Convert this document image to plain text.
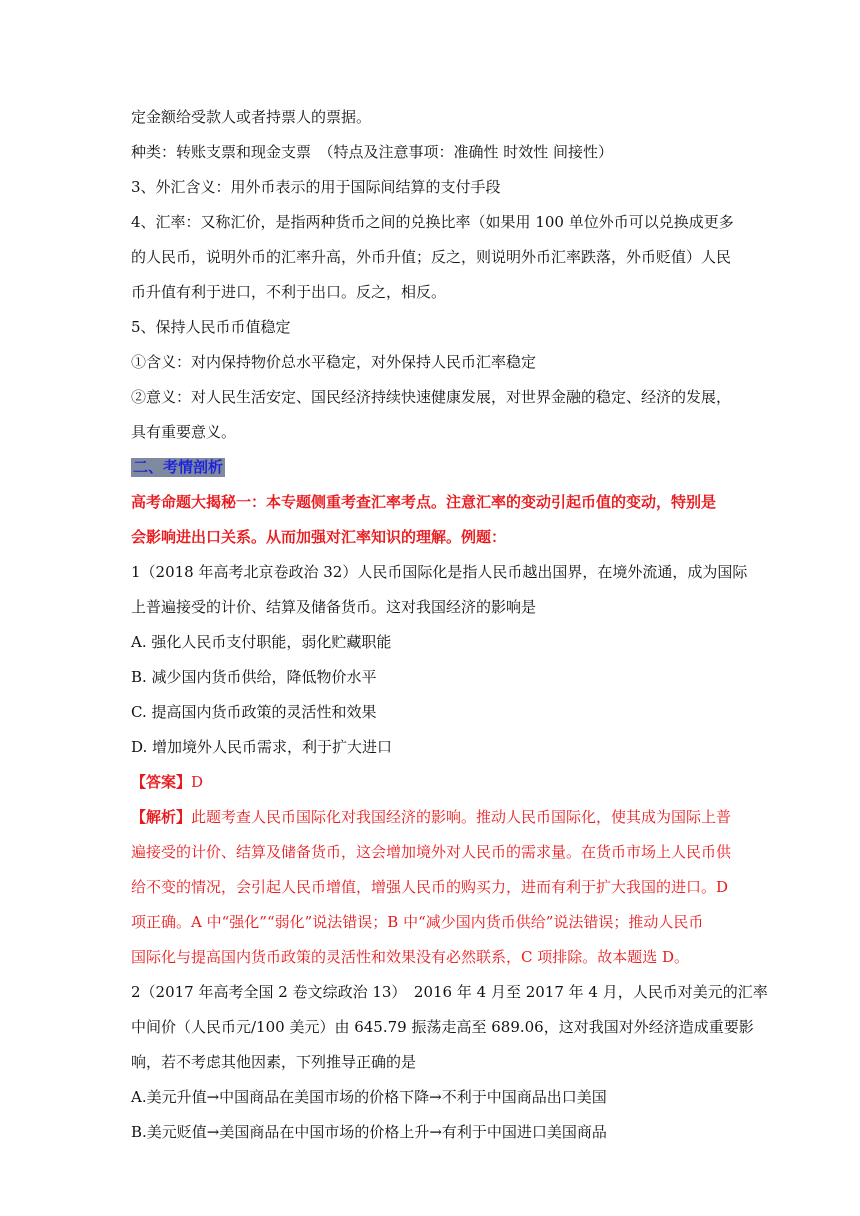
定金额给受款人或者持票人的票据。

种类：转账支票和现金支票　（特点及注意事项：准确性 时效性 间接性）

3、外汇含义：用外币表示的用于国际间结算的支付手段

4、汇率：又称汇价，是指两种货币之间的兑换比率（如果用 100 单位外币可以兑换成更多

的人民币，说明外币的汇率升高，外币升值；反之，则说明外币汇率跌落，外币贬值）人民

币升值有利于进口，不利于出口。反之，相反。

5、保持人民币币值稳定

①含义：对内保持物价总水平稳定，对外保持人民币汇率稳定

②意义：对人民生活安定、国民经济持续快速健康发展，对世界金融的稳定、经济的发展，

具有重要意义。

二、考情剖析

高考命题大揭秘一：本专题侧重考查汇率考点。注意汇率的变动引起币值的变动，特别是

会影响进出口关系。从而加强对汇率知识的理解。例题：

1（2018 年高考北京卷政治 32）人民币国际化是指人民币越出国界，在境外流通，成为国际

上普遍接受的计价、结算及储备货币。这对我国经济的影响是

A. 强化人民币支付职能，弱化贮藏职能

B. 减少国内货币供给，降低物价水平

C. 提高国内货币政策的灵活性和效果

D. 增加境外人民币需求，利于扩大进口

【答案】D

【解析】此题考查人民币国际化对我国经济的影响。推动人民币国际化，使其成为国际上普

遍接受的计价、结算及储备货币，这会增加境外对人民币的需求量。在货币市场上人民币供

给不变的情况，会引起人民币增值，增强人民币的购买力，进而有利于扩大我国的进口。D

项正确。A 中“强化”“弱化”说法错误；B 中“减少国内货币供给”说法错误；推动人民币

国际化与提高国内货币政策的灵活性和效果没有必然联系，C 项排除。故本题选 D。

2（2017 年高考全国 2 卷文综政治 13）　2016 年 4 月至 2017 年 4 月，人民币对美元的汇率

中间价（人民币元/100 美元）由 645.79 振荡走高至 689.06，这对我国对外经济造成重要影

响，若不考虑其他因素，下列推导正确的是

A.美元升值→中国商品在美国市场的价格下降→不利于中国商品出口美国

B.美元贬值→美国商品在中国市场的价格上升→有利于中国进口美国商品
